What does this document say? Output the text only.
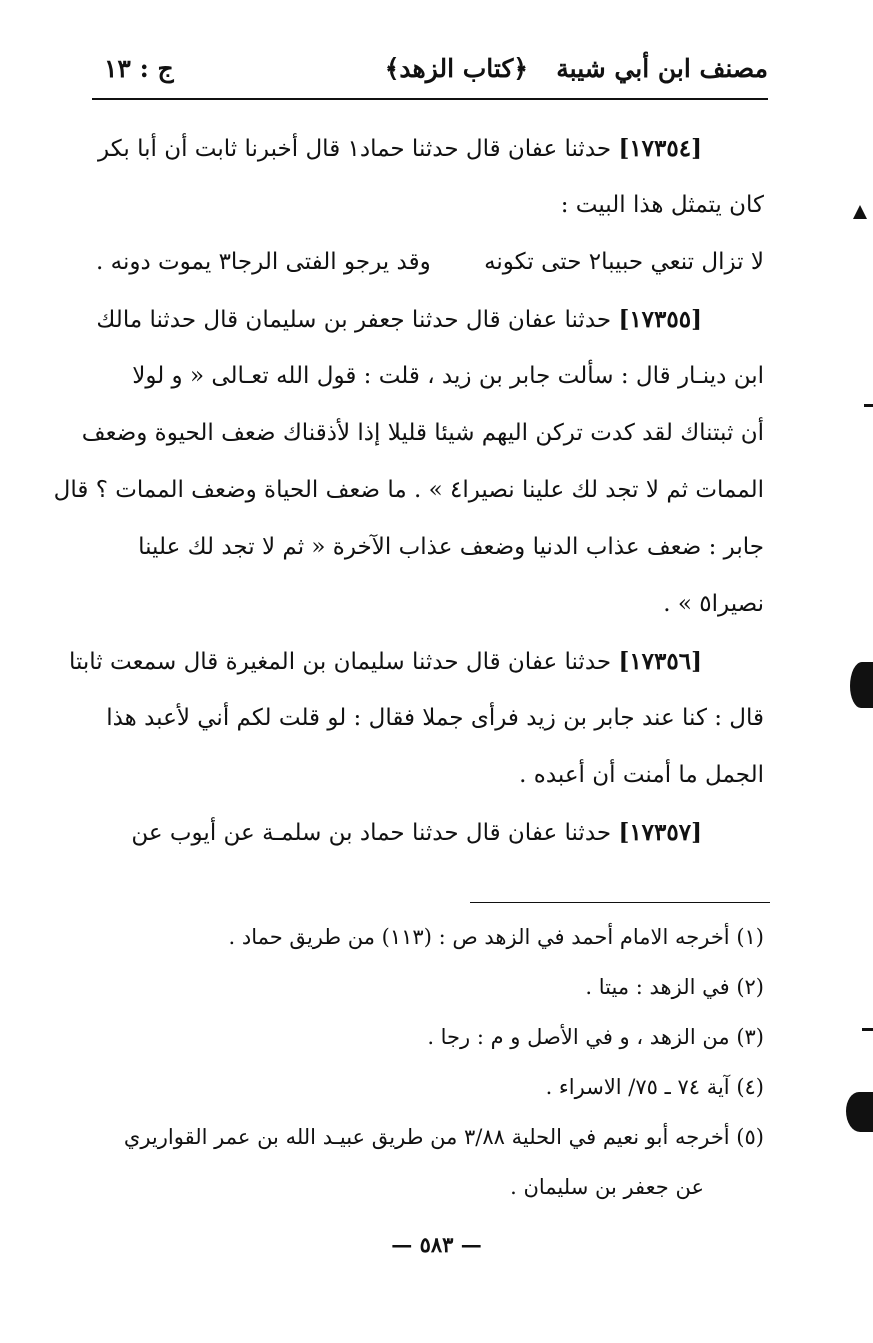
مصنف ابن أبي شيبة
﴿كتاب الزهد﴾
ج : ١٣
[١٧٣٥٤] حدثنا عفان قال حدثنا حماد١ قال أخبرنا ثابت أن أبا بكر
كان يتمثل هذا البيت :
لا تزال تنعي حبيبا٢ حتى تكونه
وقد يرجو الفتى الرجا٣ يموت دونه .
[١٧٣٥٥] حدثنا عفان قال حدثنا جعفر بن سليمان قال حدثنا مالك
ابن دينـار قال : سألت جابر بن زيد ، قلت : قول الله تعـالى « و لولا
أن ثبتناك لقد كدت تركن اليهم شيئا قليلا إذا لأذقناك ضعف الحيوة وضعف
الممات ثم لا تجد لك علينا نصيرا٤ » . ما ضعف الحياة وضعف الممات ؟ قال
جابر : ضعف عذاب الدنيا وضعف عذاب الآخرة « ثم لا تجد لك علينا
نصيرا٥ » .
[١٧٣٥٦] حدثنا عفان قال حدثنا سليمان بن المغيرة قال سمعت ثابتا
قال : كنا عند جابر بن زيد فرأى جملا فقال : لو قلت لكم أني لأعبد هذا
الجمل ما أمنت أن أعبده .
[١٧٣٥٧] حدثنا عفان قال حدثنا حماد بن سلمـة عن أيوب عن
(١) أخرجه الامام أحمد في الزهد ص : (١١٣) من طريق حماد .
(٢) في الزهد : ميتا .
(٣) من الزهد ، و في الأصل و م : رجا .
(٤) آية ٧٤ ـ ٧٥/ الاسراء .
(٥) أخرجه أبو نعيم في الحلية ٣/٨٨ من طريق عبيـد الله بن عمر القواريري
عن جعفر بن سليمان .
— ٥٨٣ —
